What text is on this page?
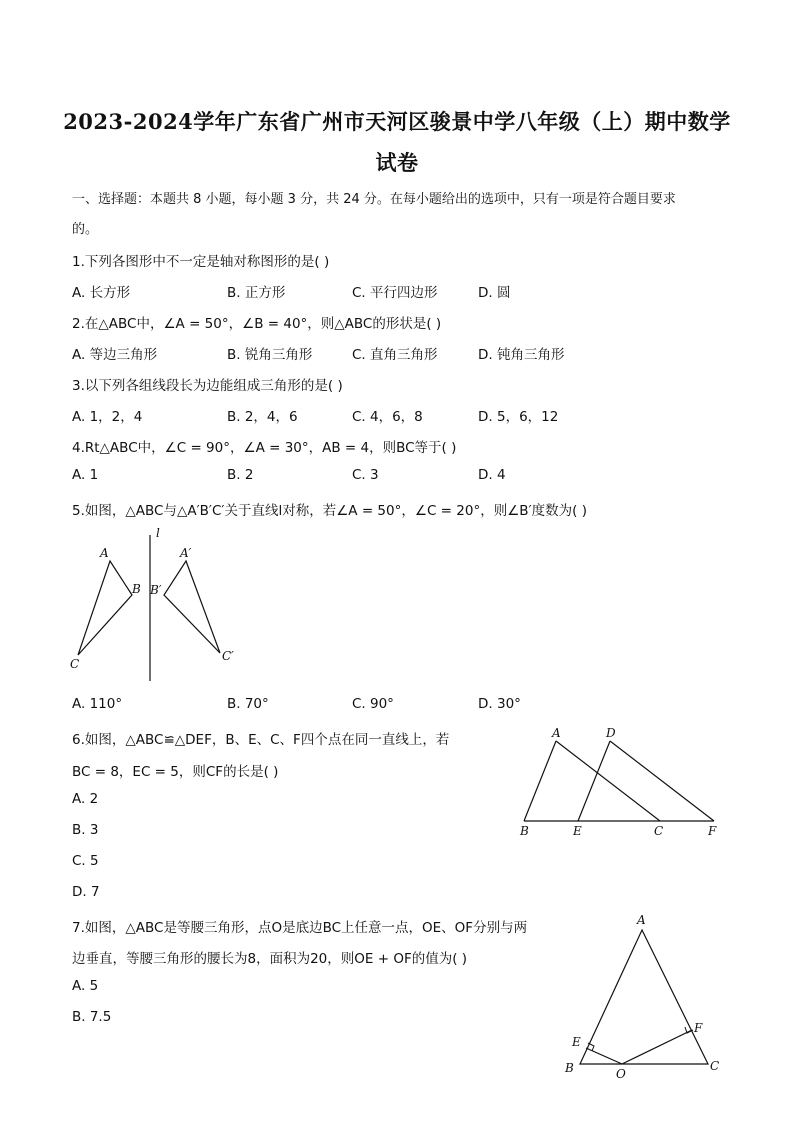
2023-2024学年广东省广州市天河区骏景中学八年级（上）期中数学
试卷
一、选择题：本题共 8 小题，每小题 3 分，共 24 分。在每小题给出的选项中，只有一项是符合题目要求
的。
1.下列各图形中不一定是轴对称图形的是( )
A. 长方形	B. 正方形	C. 平行四边形	D. 圆
2.在△ABC中，∠A = 50°，∠B = 40°，则△ABC的形状是( )
A. 等边三角形	B. 锐角三角形	C. 直角三角形	D. 钝角三角形
3.以下列各组线段长为边能组成三角形的是( )
A. 1，2，4	B. 2，4，6	C. 4，6，8	D. 5，6，12
4.Rt△ABC中，∠C = 90°，∠A = 30°，AB = 4，则BC等于( )
A. 1	B. 2	C. 3	D. 4
5.如图，△ABC与△A′B′C′关于直线l对称，若∠A = 50°，∠C = 20°，则∠B′度数为( )
A
B
C
l
A′
B′
C′
A. 110°	B. 70°	C. 90°	D. 30°
6.如图，△ABC≌△DEF，B、E、C、F四个点在同一直线上，若
BC = 8，EC = 5，则CF的长是( )
A. 2
B. 3
C. 5
D. 7
A	D
B	E	C	F
7.如图，△ABC是等腰三角形，点O是底边BC上任意一点，OE、OF分别与两
边垂直，等腰三角形的腰长为8，面积为20，则OE + OF的值为( )
A. 5
B. 7.5
A
B	C
E
F
O
